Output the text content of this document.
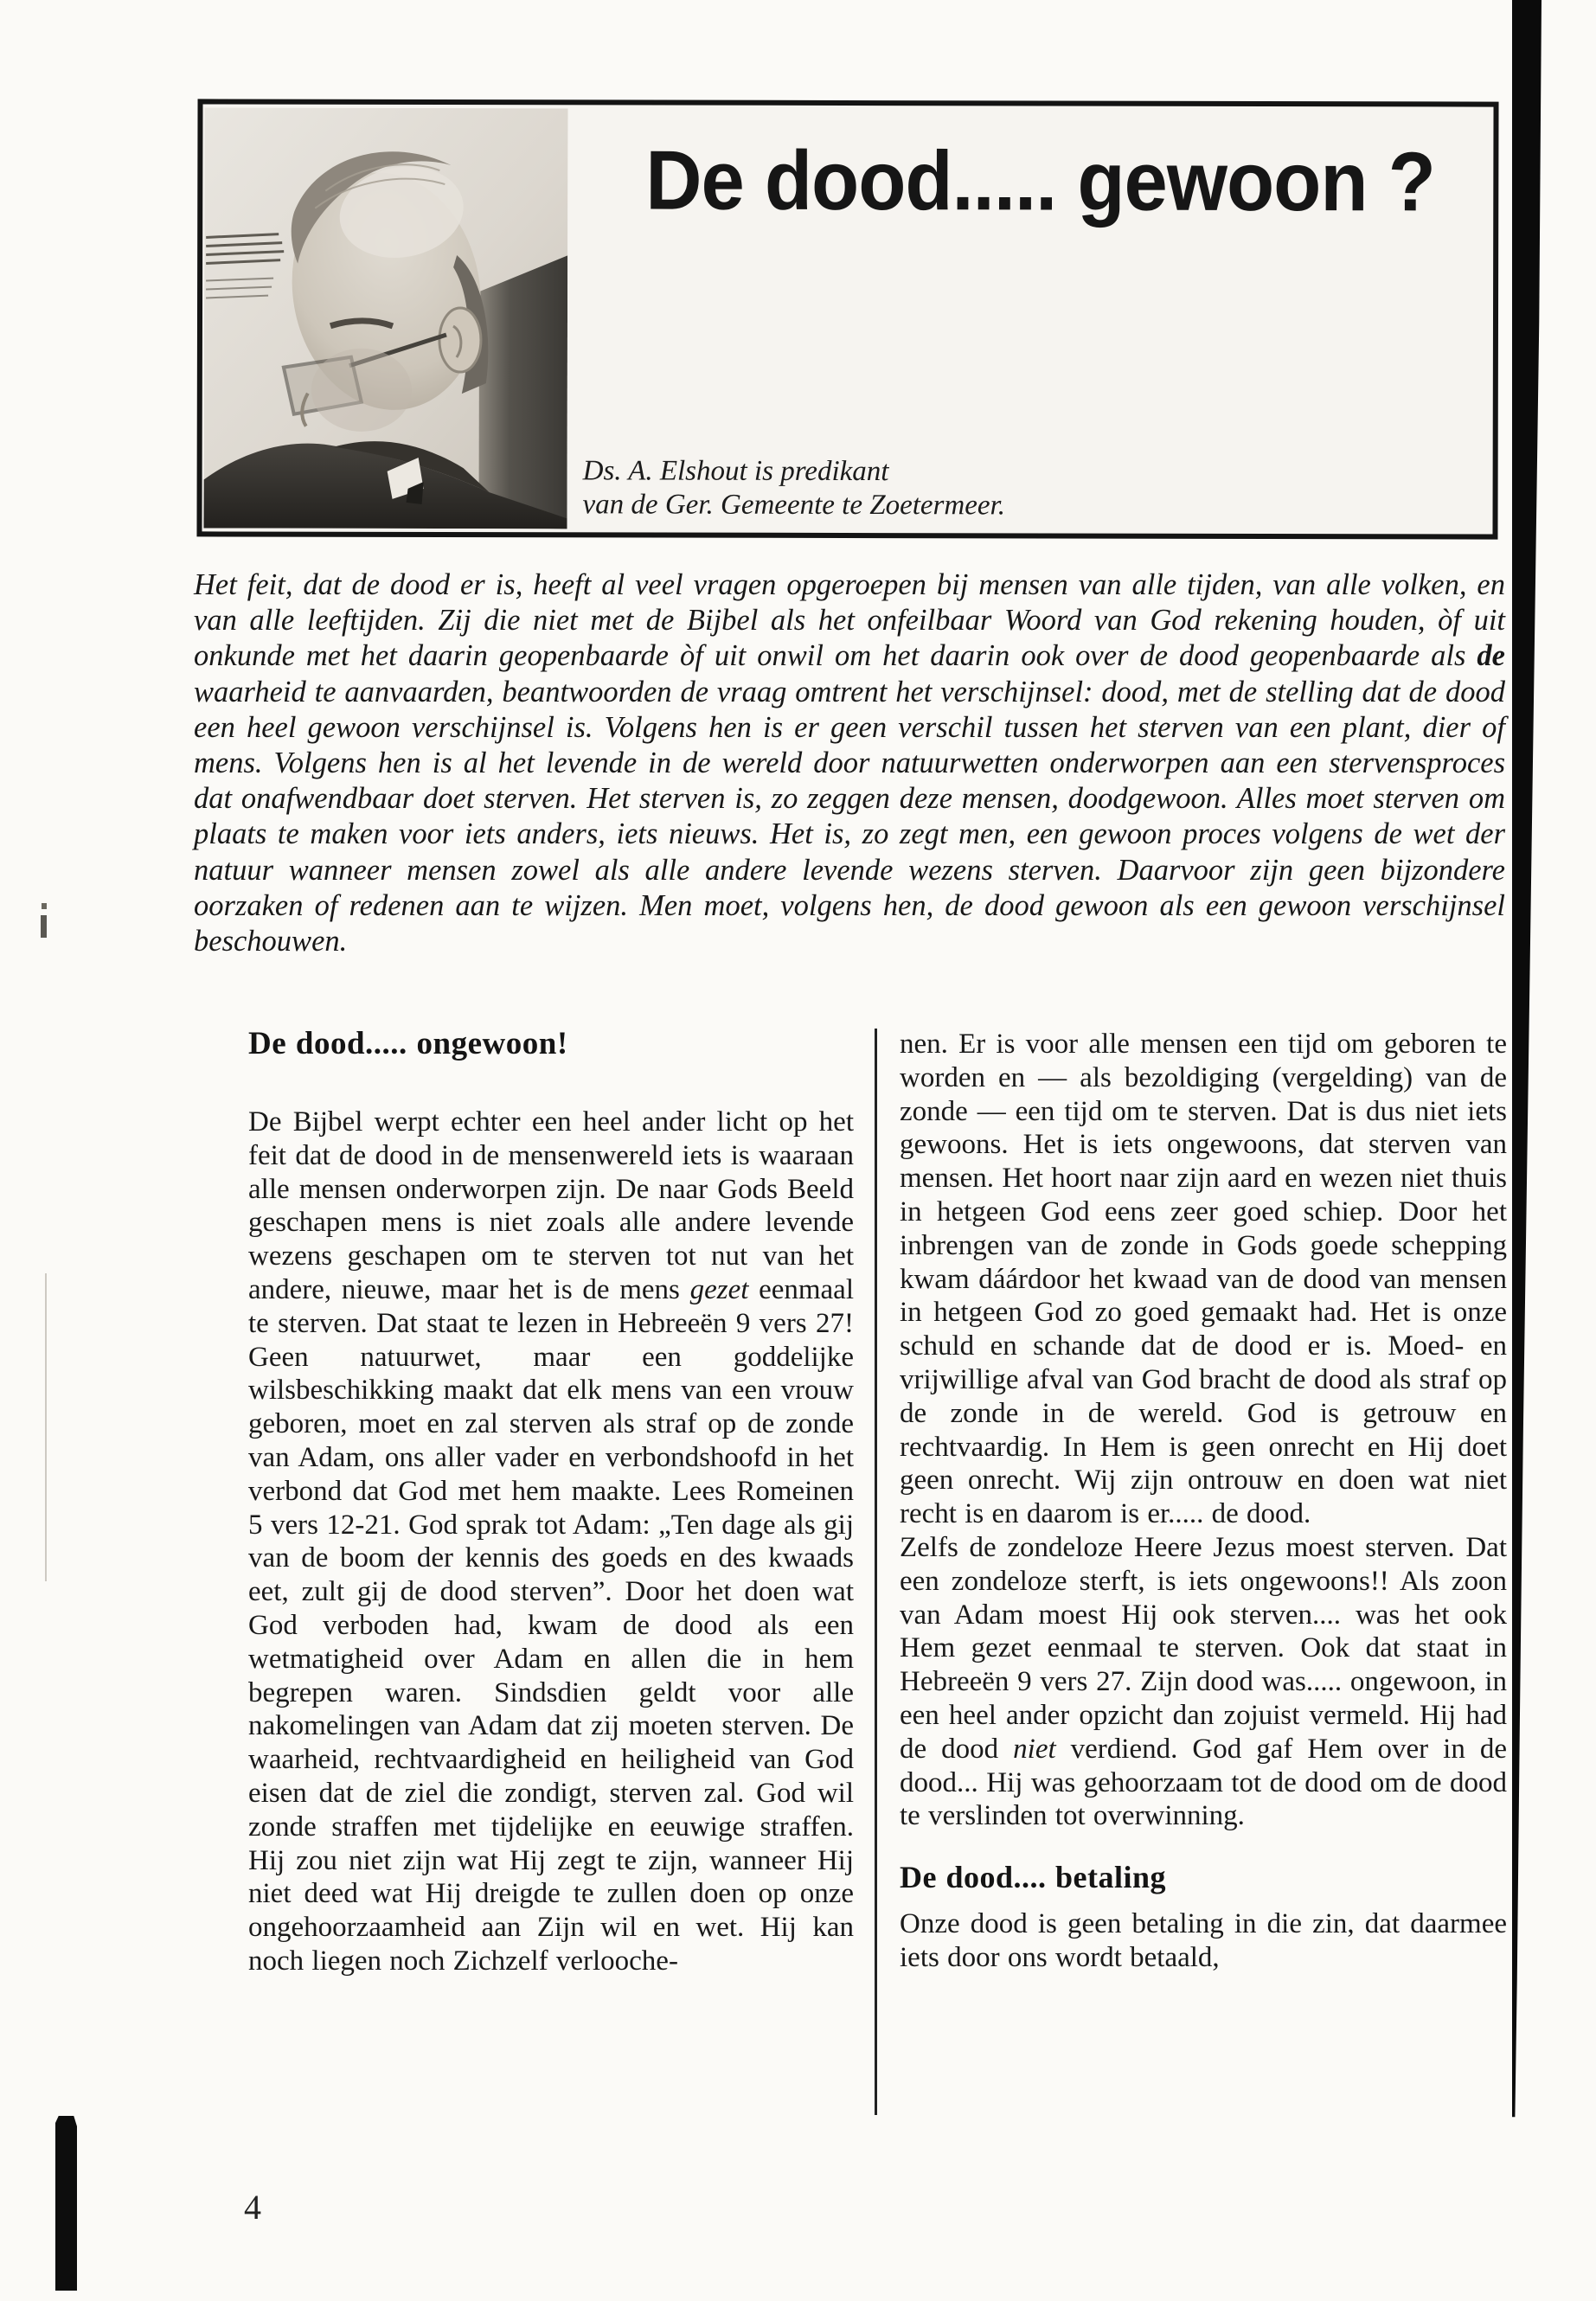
De dood..... gewoon ?
Ds. A. Elshout is predikant
van de Ger. Gemeente te Zoetermeer.
Het feit, dat de dood er is, heeft al veel vragen opgeroepen bij mensen van alle tijden, van alle volken, en van alle leeftijden. Zij die niet met de Bijbel als het onfeilbaar Woord van God rekening houden, òf uit onkunde met het daarin geopenbaarde òf uit onwil om het daarin ook over de dood geopenbaarde als de waarheid te aanvaarden, beantwoorden de vraag omtrent het verschijnsel: dood, met de stelling dat de dood een heel gewoon verschijnsel is. Volgens hen is er geen verschil tussen het sterven van een plant, dier of mens. Volgens hen is al het levende in de wereld door natuurwetten onderworpen aan een stervensproces dat onafwendbaar doet sterven. Het sterven is, zo zeggen deze mensen, doodgewoon. Alles moet sterven om plaats te maken voor iets anders, iets nieuws. Het is, zo zegt men, een gewoon proces volgens de wet der natuur wanneer mensen zowel als alle andere levende wezens sterven. Daarvoor zijn geen bijzondere oorzaken of redenen aan te wijzen. Men moet, volgens hen, de dood gewoon als een gewoon verschijnsel beschouwen.
De dood..... ongewoon!

De Bijbel werpt echter een heel ander licht op het feit dat de dood in de mensenwereld iets is waaraan alle mensen onderworpen zijn. De naar Gods Beeld geschapen mens is niet zoals alle andere levende wezens geschapen om te sterven tot nut van het andere, nieuwe, maar het is de mens gezet eenmaal te sterven. Dat staat te lezen in Hebreeën 9 vers 27! Geen natuurwet, maar een goddelijke wilsbeschikking maakt dat elk mens van een vrouw geboren, moet en zal sterven als straf op de zonde van Adam, ons aller vader en verbondshoofd in het verbond dat God met hem maakte. Lees Romeinen 5 vers 12-21. God sprak tot Adam: „Ten dage als gij van de boom der kennis des goeds en des kwaads eet, zult gij de dood sterven”. Door het doen wat God verboden had, kwam de dood als een wetmatigheid over Adam en allen die in hem begrepen waren. Sindsdien geldt voor alle nakomelingen van Adam dat zij moeten sterven. De waarheid, rechtvaardigheid en heiligheid van God eisen dat de ziel die zondigt, sterven zal. God wil zonde straffen met tijdelijke en eeuwige straffen. Hij zou niet zijn wat Hij zegt te zijn, wanneer Hij niet deed wat Hij dreigde te zullen doen op onze ongehoorzaamheid aan Zijn wil en wet. Hij kan noch liegen noch Zichzelf verlooche-

nen. Er is voor alle mensen een tijd om geboren te worden en — als bezoldiging (vergelding) van de zonde — een tijd om te sterven. Dat is dus niet iets gewoons. Het is iets ongewoons, dat sterven van mensen. Het hoort naar zijn aard en wezen niet thuis in hetgeen God eens zeer goed schiep. Door het inbrengen van de zonde in Gods goede schepping kwam dáárdoor het kwaad van de dood van mensen in hetgeen God zo goed gemaakt had. Het is onze schuld en schande dat de dood er is. Moed- en vrijwillige afval van God bracht de dood als straf op de zonde in de wereld. God is getrouw en rechtvaardig. In Hem is geen onrecht en Hij doet geen onrecht. Wij zijn ontrouw en doen wat niet recht is en daarom is er..... de dood.

Zelfs de zondeloze Heere Jezus moest sterven. Dat een zondeloze sterft, is iets ongewoons!! Als zoon van Adam moest Hij ook sterven.... was het ook Hem gezet eenmaal te sterven. Ook dat staat in Hebreeën 9 vers 27. Zijn dood was..... ongewoon, in een heel ander opzicht dan zojuist vermeld. Hij had de dood niet verdiend. God gaf Hem over in de dood... Hij was gehoorzaam tot de dood om de dood te verslinden tot overwinning.

De dood.... betaling

Onze dood is geen betaling in die zin, dat daarmee iets door ons wordt betaald,

4
